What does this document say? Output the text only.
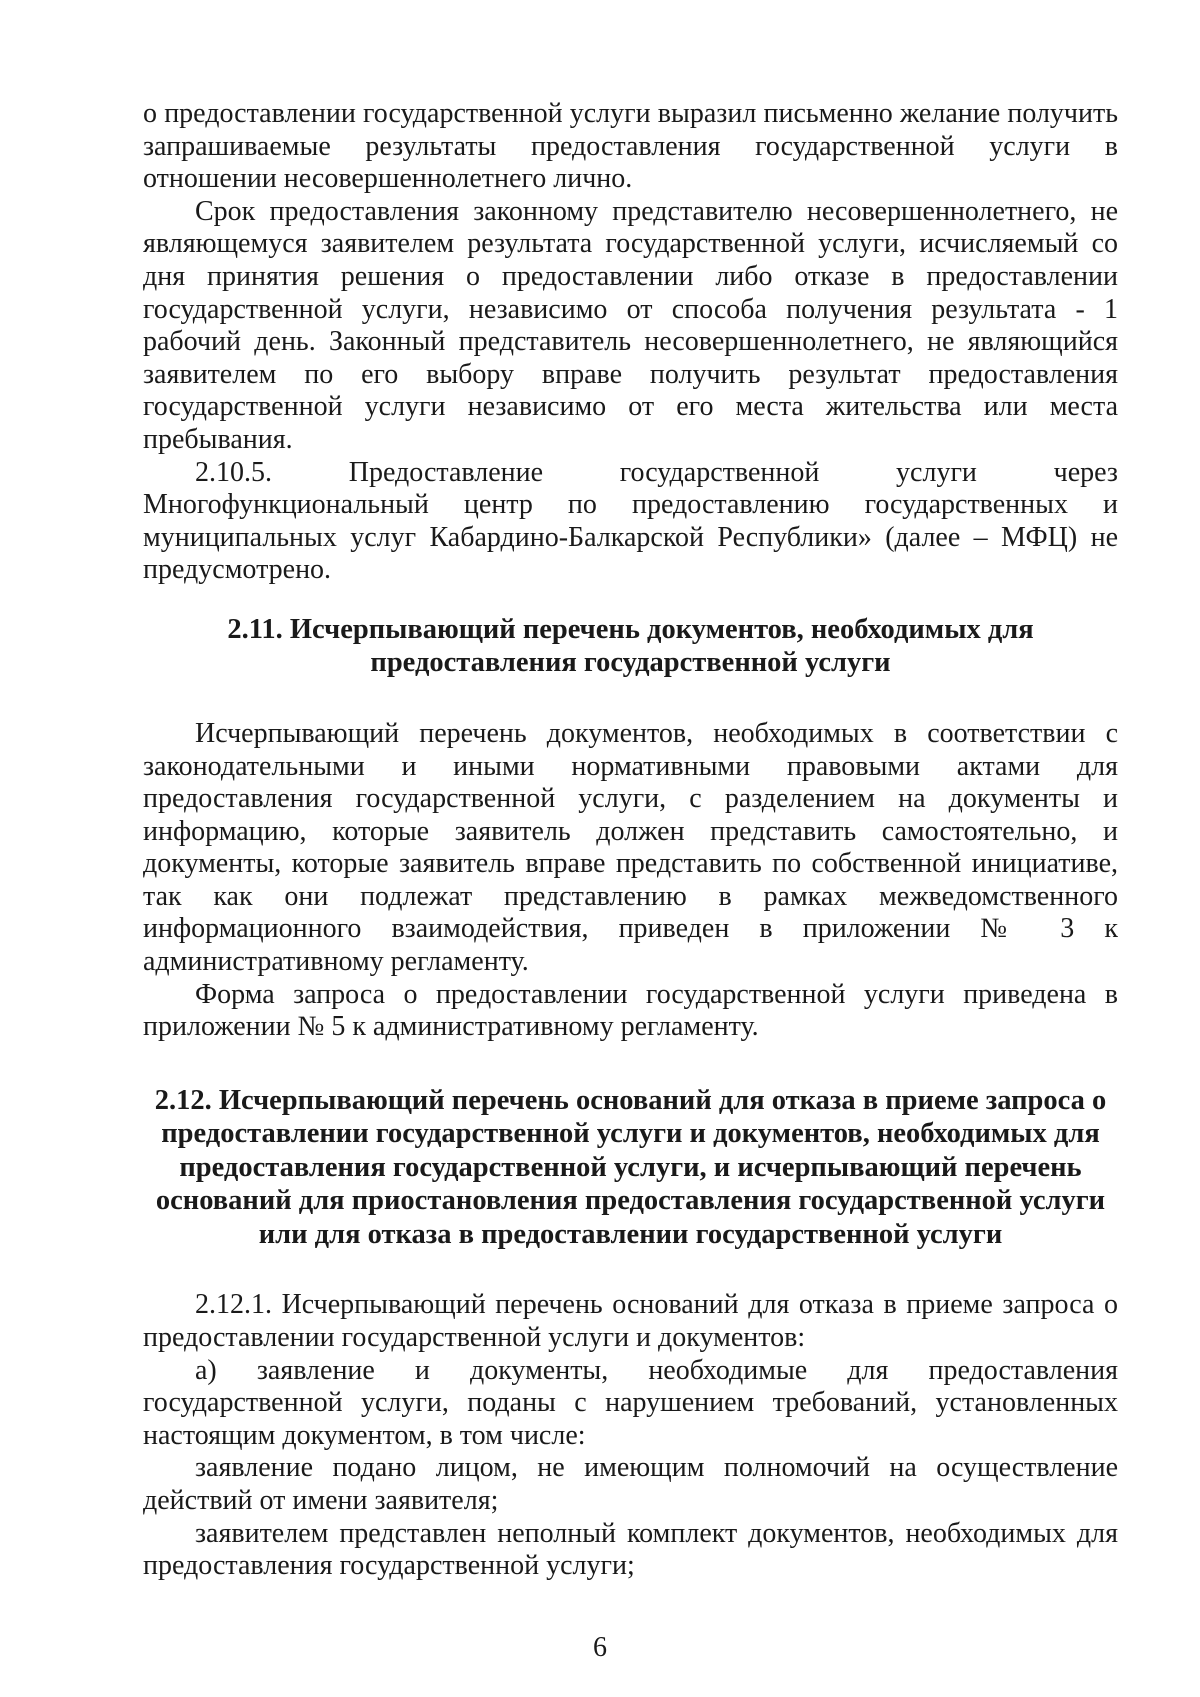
о предоставлении государственной услуги выразил письменно желание получить запрашиваемые результаты предоставления государственной услуги в отношении несовершеннолетнего лично.

Срок предоставления законному представителю несовершеннолетнего, не являющемуся заявителем результата государственной услуги, исчисляемый со дня принятия решения о предоставлении либо отказе в предоставлении государственной услуги, независимо от способа получения результата - 1 рабочий день. Законный представитель несовершеннолетнего, не являющийся заявителем по его выбору вправе получить результат предоставления государственной услуги независимо от его места жительства или места пребывания.

2.10.5. Предоставление государственной услуги через Многофункциональный центр по предоставлению государственных и муниципальных услуг Кабардино-Балкарской Республики» (далее – МФЦ) не предусмотрено.

2.11. Исчерпывающий перечень документов, необходимых для предоставления государственной услуги

Исчерпывающий перечень документов, необходимых в соответствии с законодательными и иными нормативными правовыми актами для предоставления государственной услуги, с разделением на документы и информацию, которые заявитель должен представить самостоятельно, и документы, которые заявитель вправе представить по собственной инициативе, так как они подлежат представлению в рамках межведомственного информационного взаимодействия, приведен в приложении № 3 к административному регламенту.

Форма запроса о предоставлении государственной услуги приведена в приложении № 5 к административному регламенту.

2.12. Исчерпывающий перечень оснований для отказа в приеме запроса о предоставлении государственной услуги и документов, необходимых для предоставления государственной услуги, и исчерпывающий перечень оснований для приостановления предоставления государственной услуги или для отказа в предоставлении государственной услуги

2.12.1. Исчерпывающий перечень оснований для отказа в приеме запроса о предоставлении государственной услуги и документов:

а) заявление и документы, необходимые для предоставления государственной услуги, поданы с нарушением требований, установленных настоящим документом, в том числе:

заявление подано лицом, не имеющим полномочий на осуществление действий от имени заявителя;

заявителем представлен неполный комплект документов, необходимых для предоставления государственной услуги;

6
